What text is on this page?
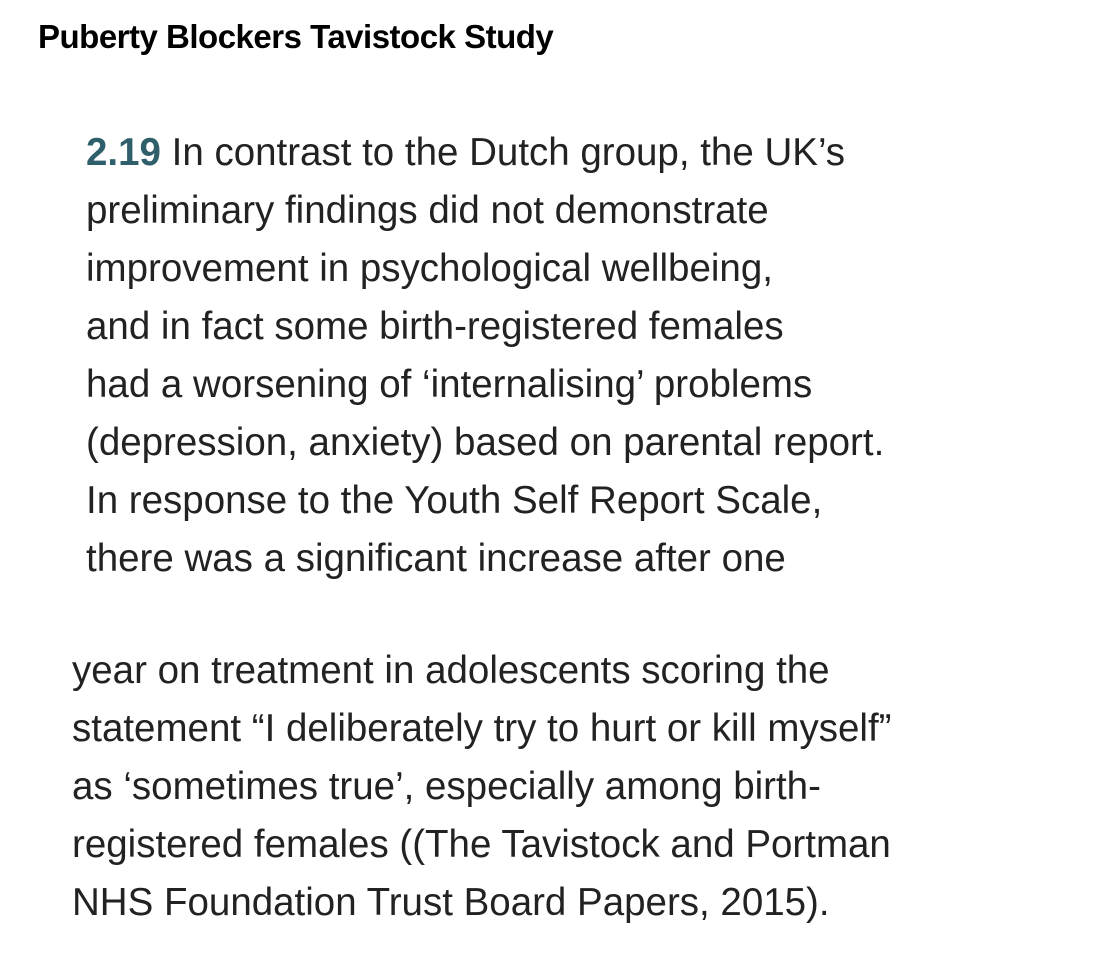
Puberty Blockers Tavistock Study
2.19 In contrast to the Dutch group, the UK’s
preliminary findings did not demonstrate
improvement in psychological wellbeing,
and in fact some birth-registered females
had a worsening of ‘internalising’ problems
(depression, anxiety) based on parental report.
In response to the Youth Self Report Scale,
there was a significant increase after one
year on treatment in adolescents scoring the
statement “I deliberately try to hurt or kill myself”
as ‘sometimes true’, especially among birth-
registered females ((The Tavistock and Portman
NHS Foundation Trust Board Papers, 2015).
